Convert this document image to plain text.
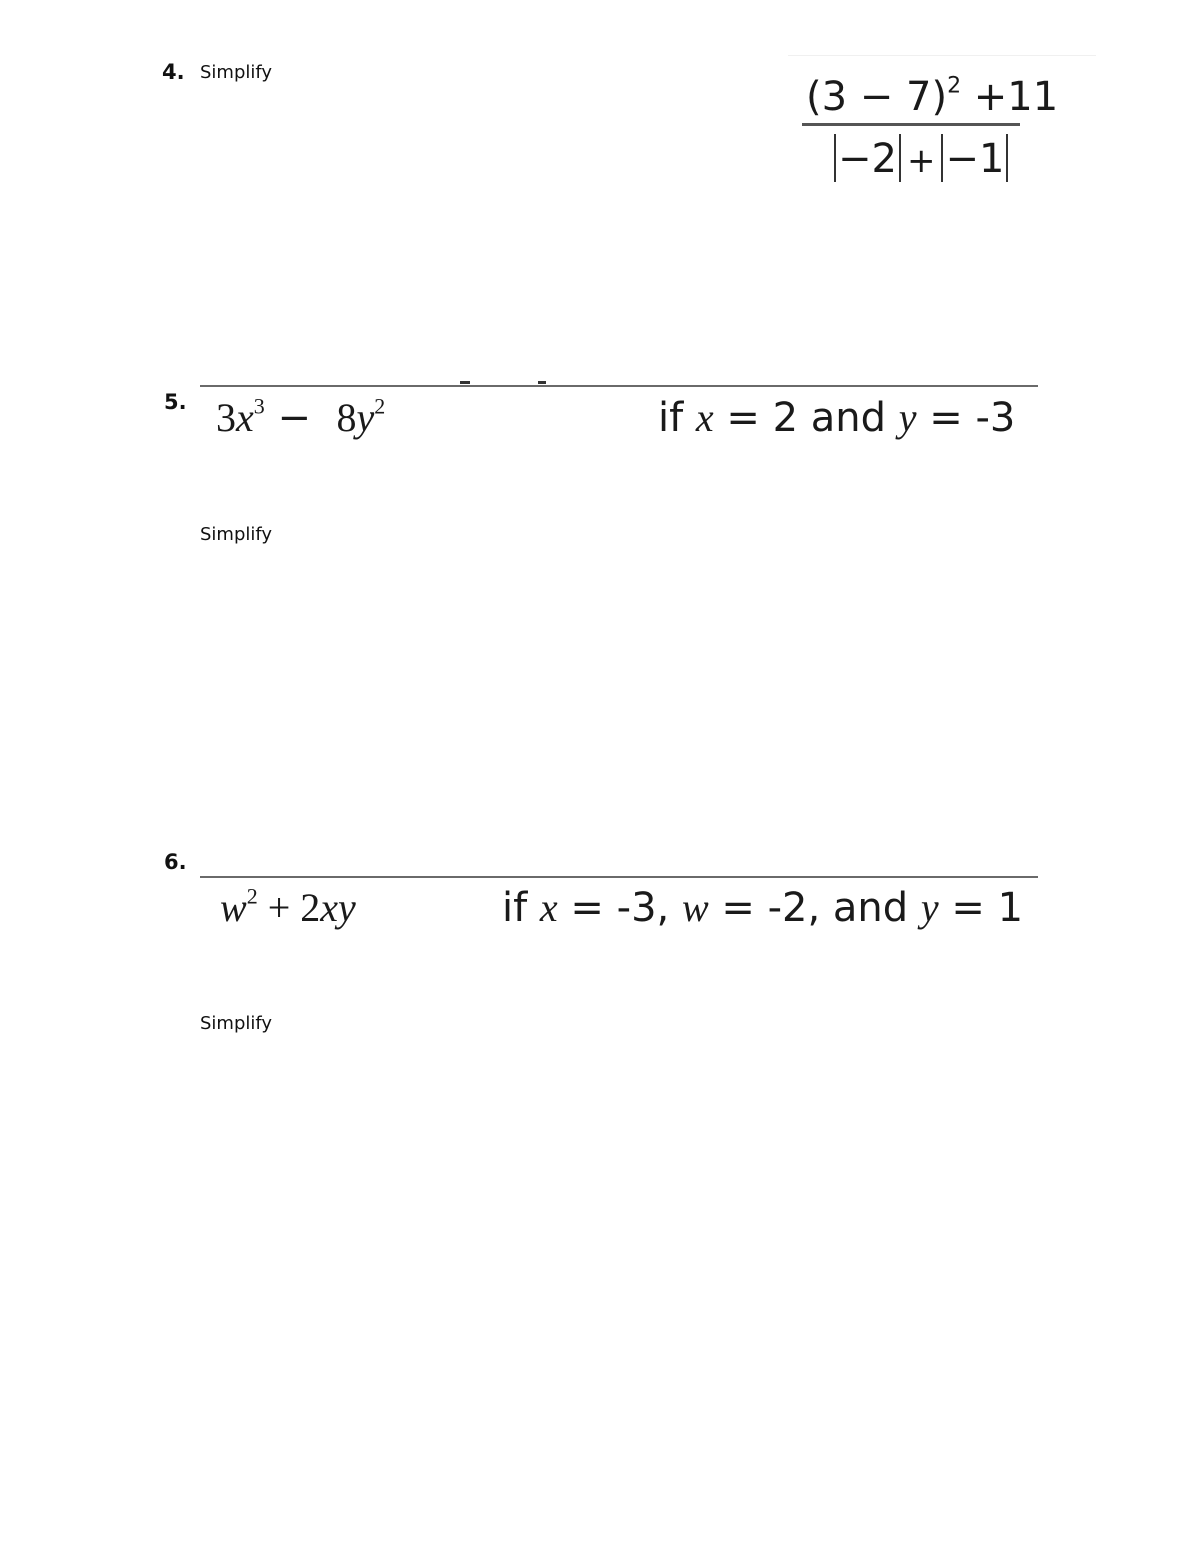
4. Simplify
$(3 - 7)^2 +11$
−2 + −1
5. $3x^3 - 8y^2$	if x = 2 and y = -3
Simplify
6.
$w^2 + 2xy$	if x = -3, w = -2, and y = 1
Simplify
